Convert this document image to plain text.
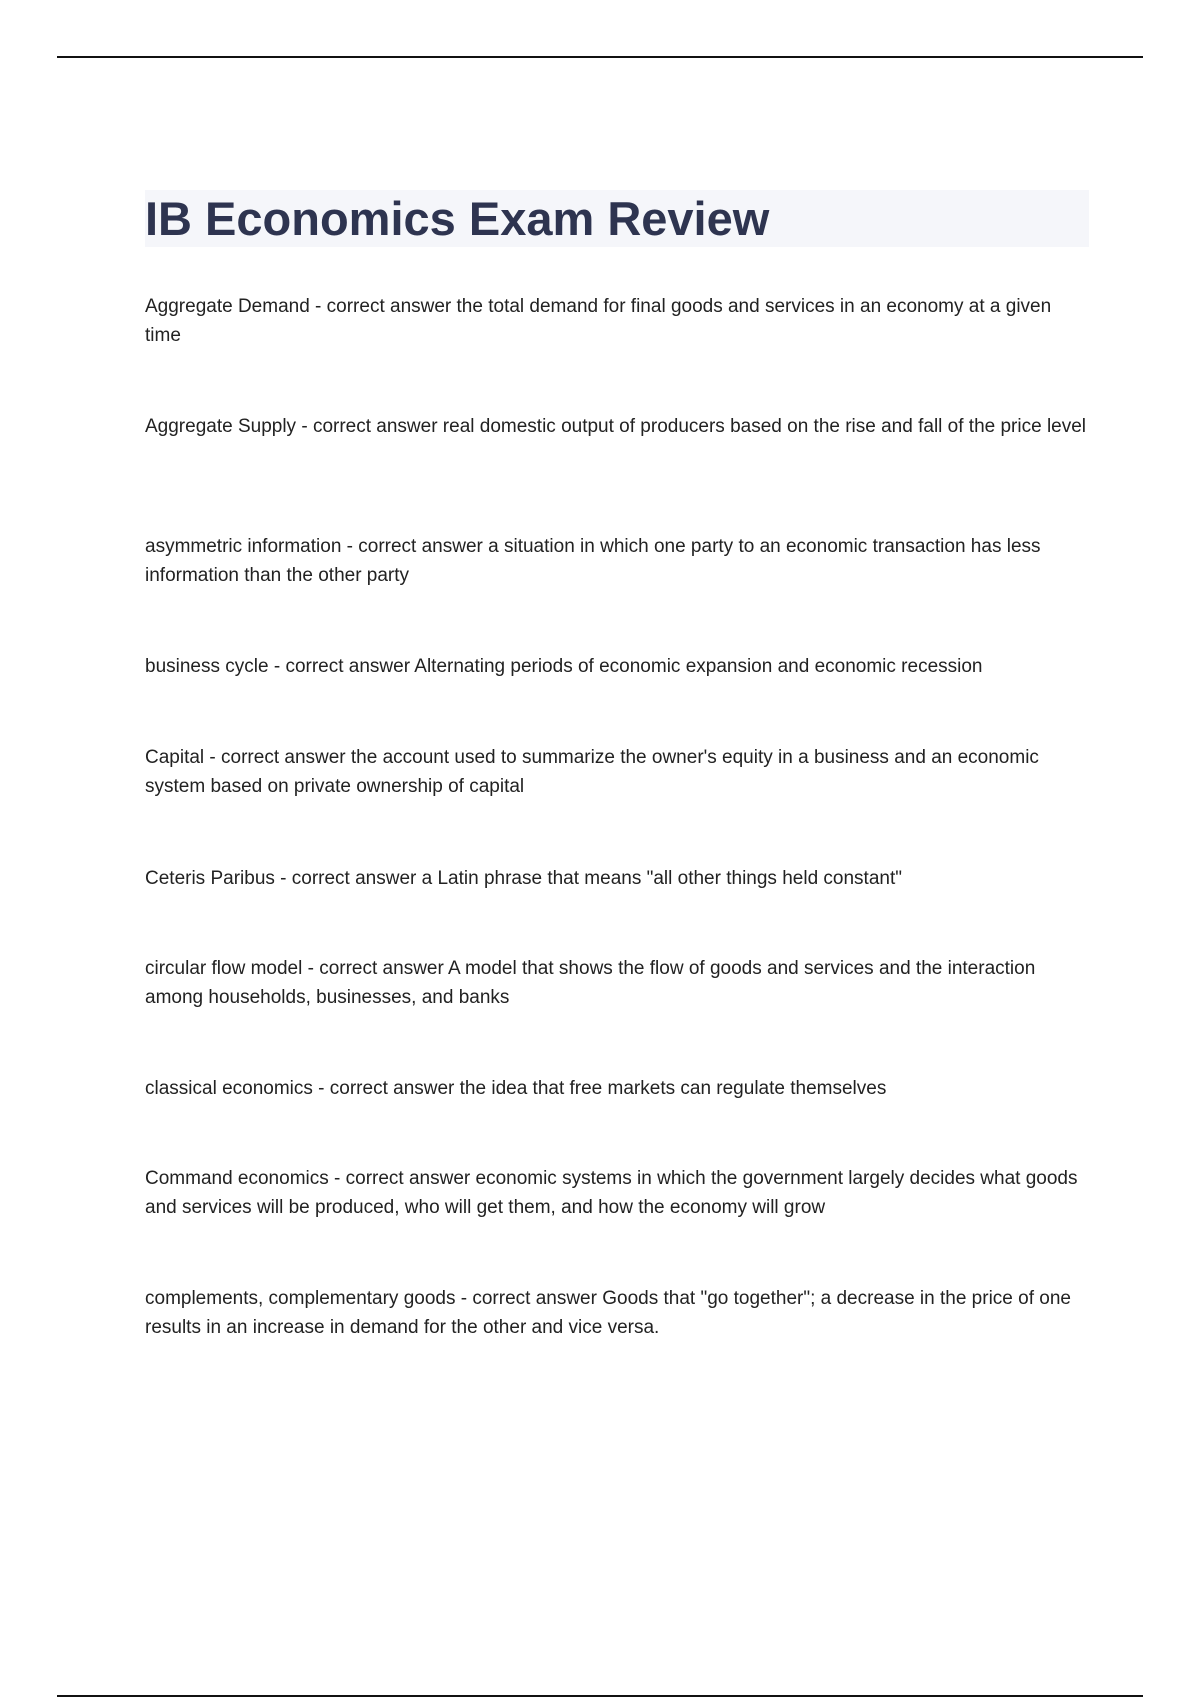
IB Economics Exam Review

Aggregate Demand - correct answer the total demand for final goods and services in an economy at a given time

Aggregate Supply - correct answer real domestic output of producers based on the rise and fall of the price level

asymmetric information - correct answer a situation in which one party to an economic transaction has less information than the other party

business cycle - correct answer Alternating periods of economic expansion and economic recession

Capital - correct answer the account used to summarize the owner's equity in a business and an economic system based on private ownership of capital

Ceteris Paribus - correct answer a Latin phrase that means "all other things held constant"

circular flow model - correct answer A model that shows the flow of goods and services and the interaction among households, businesses, and banks

classical economics - correct answer the idea that free markets can regulate themselves

Command economics - correct answer economic systems in which the government largely decides what goods and services will be produced, who will get them, and how the economy will grow

complements, complementary goods - correct answer Goods that "go together"; a decrease in the price of one results in an increase in demand for the other and vice versa.
